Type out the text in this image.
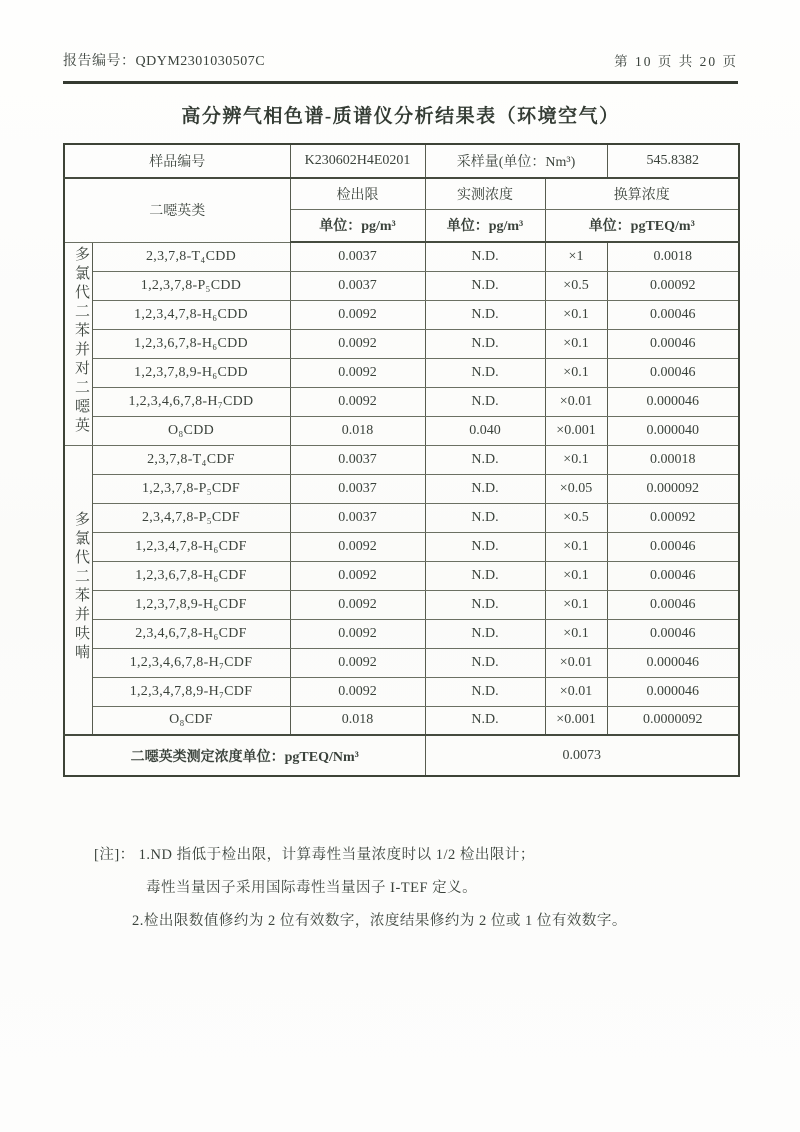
报告编号：QDYM2301030507C	第 10 页 共 20 页
高分辨气相色谱-质谱仪分析结果表（环境空气）
样品编号		K230602H4E0201	采样量(单位：Nm³)		545.8382
二噁英类		检出限	实测浓度	换算浓度	
		单位：pg/m³	单位：pg/m³	单位：pgTEQ/m³	
多氯代二苯并对二噁英	2,3,7,8-T₄CDD	0.0037	N.D.	×1	0.0018
	1,2,3,7,8-P₅CDD	0.0037	N.D.	×0.5	0.00092
	1,2,3,4,7,8-H₆CDD	0.0092	N.D.	×0.1	0.00046
	1,2,3,6,7,8-H₆CDD	0.0092	N.D.	×0.1	0.00046
	1,2,3,7,8,9-H₆CDD	0.0092	N.D.	×0.1	0.00046
	1,2,3,4,6,7,8-H₇CDD	0.0092	N.D.	×0.01	0.000046
	O₈CDD	0.018	0.040	×0.001	0.000040
多氯代二苯并呋喃	2,3,7,8-T₄CDF	0.0037	N.D.	×0.1	0.00018
	1,2,3,7,8-P₅CDF	0.0037	N.D.	×0.05	0.000092
	2,3,4,7,8-P₅CDF	0.0037	N.D.	×0.5	0.00092
	1,2,3,4,7,8-H₆CDF	0.0092	N.D.	×0.1	0.00046
	1,2,3,6,7,8-H₆CDF	0.0092	N.D.	×0.1	0.00046
	1,2,3,7,8,9-H₆CDF	0.0092	N.D.	×0.1	0.00046
	2,3,4,6,7,8-H₆CDF	0.0092	N.D.	×0.1	0.00046
	1,2,3,4,6,7,8-H₇CDF	0.0092	N.D.	×0.01	0.000046
	1,2,3,4,7,8,9-H₇CDF	0.0092	N.D.	×0.01	0.000046
	O₈CDF	0.018	N.D.	×0.001	0.0000092
二噁英类测定浓度单位：pgTEQ/Nm³			0.0073		
[注]： 1.ND 指低于检出限，计算毒性当量浓度时以 1/2 检出限计；
毒性当量因子采用国际毒性当量因子 I-TEF 定义。
2.检出限数值修约为 2 位有效数字，浓度结果修约为 2 位或 1 位有效数字。
